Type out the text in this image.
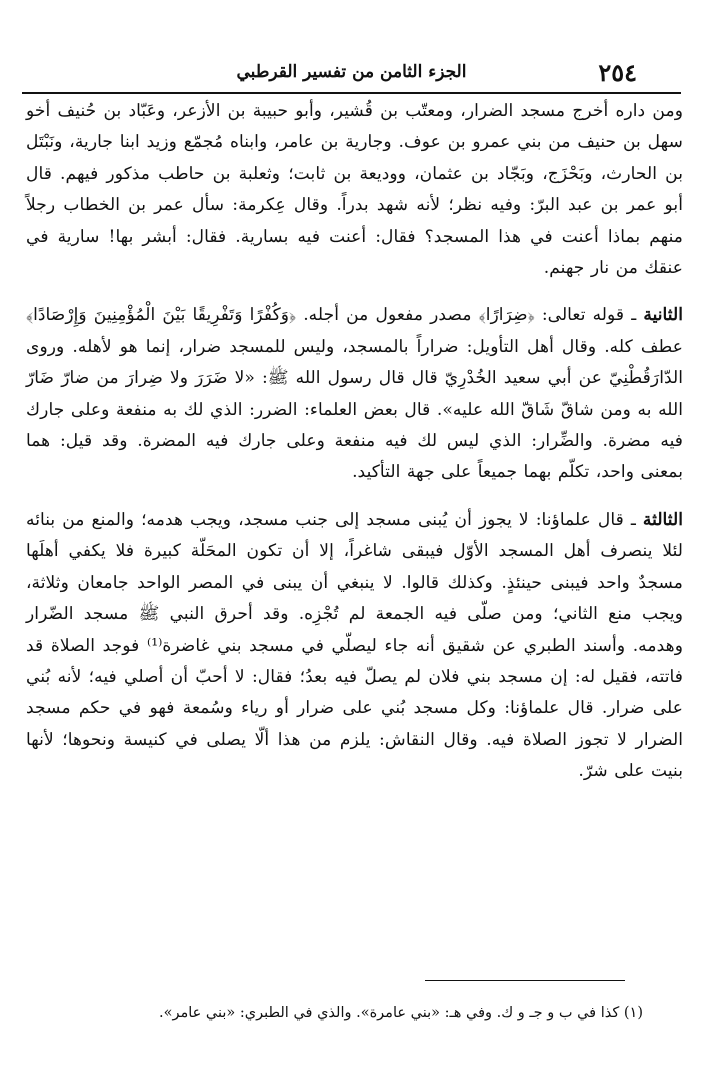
٢٥٤
الجزء الثامن من تفسير القرطبي

ومن داره أخرج مسجد الضرار، ومعتّب بن قُشير، وأبو حبيبة بن الأزعر، وعَبّاد بن حُنيف أخو سهل بن حنيف من بني عمرو بن عوف. وجارية بن عامر، وابناه مُجمّع وزيد ابنا جارية، ونَبْتَل بن الحارث، وبَحْزَج، وبَجّاد بن عثمان، ووديعة بن ثابت؛ وثعلبة بن حاطب مذكور فيهم. قال أبو عمر بن عبد البرّ: وفيه نظر؛ لأنه شهد بدراً. وقال عِكرمة: سأل عمر بن الخطاب رجلاً منهم بماذا أعنت في هذا المسجد؟ فقال: أعنت فيه بسارية. فقال: أبشر بها! سارية في عنقك من نار جهنم.

الثانية ـ قوله تعالى: ﴿ضِرَارًا﴾ مصدر مفعول من أجله. ﴿وَكُفْرًا وَتَفْرِيقًا بَيْنَ الْمُؤْمِنِينَ وَإِرْصَادًا﴾ عطف كله. وقال أهل التأويل: ضراراً بالمسجد، وليس للمسجد ضرار، إنما هو لأهله. وروى الدّارَقُطْنِيّ عن أبي سعيد الخُدْرِيّ قال قال رسول الله ﷺ: «لا ضَرَرَ ولا ضِرارَ من ضارّ ضَارّ الله به ومن شاقّ شَاقّ الله عليه». قال بعض العلماء: الضرر: الذي لك به منفعة وعلى جارك فيه مضرة. والضِّرار: الذي ليس لك فيه منفعة وعلى جارك فيه المضرة. وقد قيل: هما بمعنى واحد، تكلّم بهما جميعاً على جهة التأكيد.

الثالثة ـ قال علماؤنا: لا يجوز أن يُبنى مسجد إلى جنب مسجد، ويجب هدمه؛ والمنع من بنائه لئلا ينصرف أهل المسجد الأوّل فيبقى شاغراً، إلا أن تكون المحَلّة كبيرة فلا يكفي أهلَها مسجدٌ واحد فيبنى حينئذٍ. وكذلك قالوا. لا ينبغي أن يبنى في المصر الواحد جامعان وثلاثة، ويجب منع الثاني؛ ومن صلّى فيه الجمعة لم تُجْزِه. وقد أحرق النبي ﷺ مسجد الضّرار وهدمه. وأسند الطبري عن شقيق أنه جاء ليصلّي في مسجد بني غاضرة⁽¹⁾ فوجد الصلاة قد فاتته، فقيل له: إن مسجد بني فلان لم يصلّ فيه بعدُ؛ فقال: لا أحبّ أن أصلي فيه؛ لأنه بُني على ضرار. قال علماؤنا: وكل مسجد بُني على ضرار أو رياء وسُمعة فهو في حكم مسجد الضرار لا تجوز الصلاة فيه. وقال النقاش: يلزم من هذا ألّا يصلى في كنيسة ونحوها؛ لأنها بنيت على شرّ.

(١) كذا في ب و جـ و ك. وفي هـ: «بني عامرة». والذي في الطبري: «بني عامر».
